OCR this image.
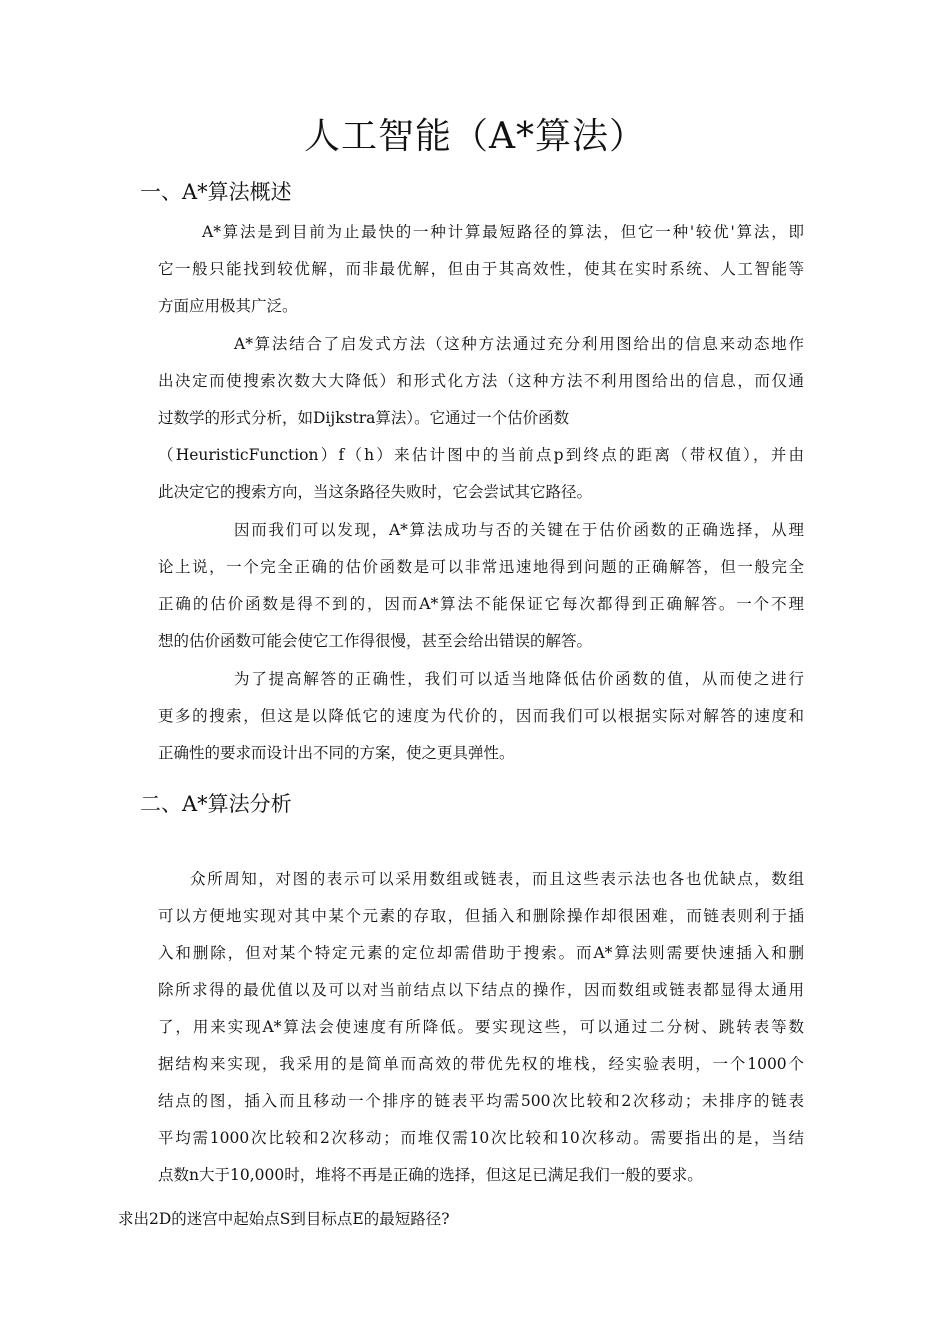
人工智能（A*算法）
一、A*算法概述
A*算法是到目前为止最快的一种计算最短路径的算法，但它一种'较优'算法，即
它一般只能找到较优解，而非最优解，但由于其高效性，使其在实时系统、人工智能等
方面应用极其广泛。
A*算法结合了启发式方法（这种方法通过充分利用图给出的信息来动态地作
出决定而使搜索次数大大降低）和形式化方法（这种方法不利用图给出的信息，而仅通
过数学的形式分析，如Dijkstra算法）。它通过一个估价函数
（HeuristicFunction）f（h）来估计图中的当前点p到终点的距离（带权值），并由
此决定它的搜索方向，当这条路径失败时，它会尝试其它路径。
因而我们可以发现，A*算法成功与否的关键在于估价函数的正确选择，从理
论上说，一个完全正确的估价函数是可以非常迅速地得到问题的正确解答，但一般完全
正确的估价函数是得不到的，因而A*算法不能保证它每次都得到正确解答。一个不理
想的估价函数可能会使它工作得很慢，甚至会给出错误的解答。
为了提高解答的正确性，我们可以适当地降低估价函数的值，从而使之进行
更多的搜索，但这是以降低它的速度为代价的，因而我们可以根据实际对解答的速度和
正确性的要求而设计出不同的方案，使之更具弹性。
二、A*算法分析
众所周知，对图的表示可以采用数组或链表，而且这些表示法也各也优缺点，数组
可以方便地实现对其中某个元素的存取，但插入和删除操作却很困难，而链表则利于插
入和删除，但对某个特定元素的定位却需借助于搜索。而A*算法则需要快速插入和删
除所求得的最优值以及可以对当前结点以下结点的操作，因而数组或链表都显得太通用
了，用来实现A*算法会使速度有所降低。要实现这些，可以通过二分树、跳转表等数
据结构来实现，我采用的是简单而高效的带优先权的堆栈，经实验表明，一个1000个
结点的图，插入而且移动一个排序的链表平均需500次比较和2次移动；未排序的链表
平均需1000次比较和2次移动；而堆仅需10次比较和10次移动。需要指出的是，当结
点数n大于10,000时，堆将不再是正确的选择，但这足已满足我们一般的要求。

求出2D的迷宫中起始点S到目标点E的最短路径?
